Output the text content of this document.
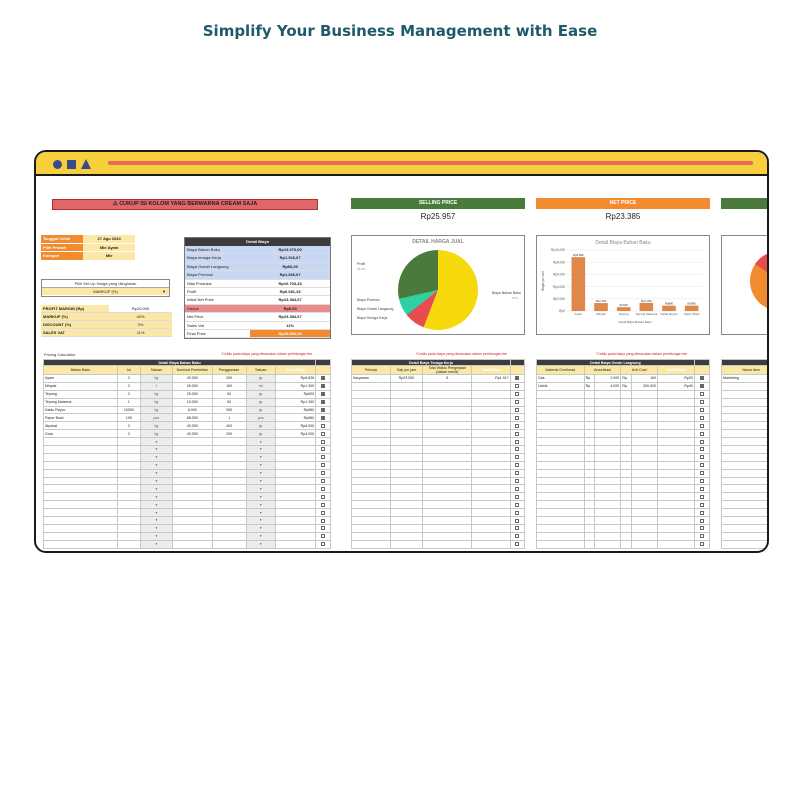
Simplify Your Business Management with Ease
⚠ CUKUP ISI KOLOM YANG BERWARNA CREAM SAJA	SELLING PRICE
Rp25.957
NET PRICE
Rp23.385
Tanggal Cetak	27 Agu 2024
Pilih Produk	Mie Ayam
Kategori	Mie
Pilih Set Up Harga yang diinginkan
MARKUP (%)	▼
PROFIT MARGIN (Rp)	Rp10.000
MARKUP (%)	40%
DISCOUNT (%)	0%
SALES VAT	11%
Detail Biaya
Biaya Bahan Baku	Rp13.070,00
Biaya tenaga Kerja	Rp1.916,67
Biaya Oveah Langsung	Rp60,00
Biaya Promosi	Rp1.666,67
Nilai Produksi	Rp16.703,33
Profit	Rp6.681,33
Initial Net Price	Rp23.384,67
Diskon	Rp0,00
Net Price	Rp23.384,67
Sales Vat	11%
Final Price	Rp25.956,99
DETAIL HARGA JUAL
Profit
28.6%
Biaya Bahan Baku
56%
Biaya Promosi
Biaya Oveah Langsung
Biaya Tenaga Kerja
Detail Biaya Bahan Baku
Rp10.000
Rp8.000
Rp6.000
Rp4.000
Rp2.000
Rp0
Biaya per unit
Rp8.826
Ayam
Rp1.300
Minyak
Rp625
Tepung
Rp1.330
Tepung Maizena
Rp880
Kaldu Royco
Rp880
Paper Bowl
Detail Biaya Bahan Baku
Pricing Calculator	*Ceklis pada biaya yang dimasukan dalam perhitungan fee	*Ceklis pada biaya yang dimasukan dalam perhitungan fee	*Ceklis pada biaya yang dimasukan dalam perhitungan fee
Detail Biaya Bahan Baku							
Bahan Baku	Isi	Satuan	Nominal Pembelian	Penggunaan	Satuan	Total Biaya	
Ayam	2	kg	40.000	200	gr	Rp8.826	
Minyak	2	l	26.000	100	ml	Rp1.300	
Tepung	2	kg	25.000	50	gr	Rp625	
Tepung Maizena	1	kg	15.000	50	gr	Rp1.330	
Kaldu Royco	10000	kg	8.000	900	gr	Rp880	
Paper Bowl	100	pcs	88.000	1	pcs	Rp880	
Alpukat	2	kg	40.000	400	gr	Rp8.000	
Gula	2	kg	40.000	200	gr	Rp4.000	
		▾			▾		
		▾			▾		
		▾			▾		
		▾			▾		
		▾			▾		
		▾			▾		
		▾			▾		
		▾			▾		
		▾			▾		
		▾			▾		
		▾			▾		
		▾			▾		
		▾			▾		
		▾			▾		
Detail Biaya Tenaga Kerja				
Pekerja	Gaji per jam	Total Waktu Pengerjaan (dalam menit)	Total Biaya	
Karyawan	Rp23.000	5	Rp1.917	

Detail Biaya Oveah Langsung						
Material Overhead	Amortisasi		Unit Cost		Total Biaya	
Gas	Rp	2.000	Rp	100	Rp20	
Listrik	Rp	4.000	Rp	200.000	Rp40	

Nama Item
Marketing
